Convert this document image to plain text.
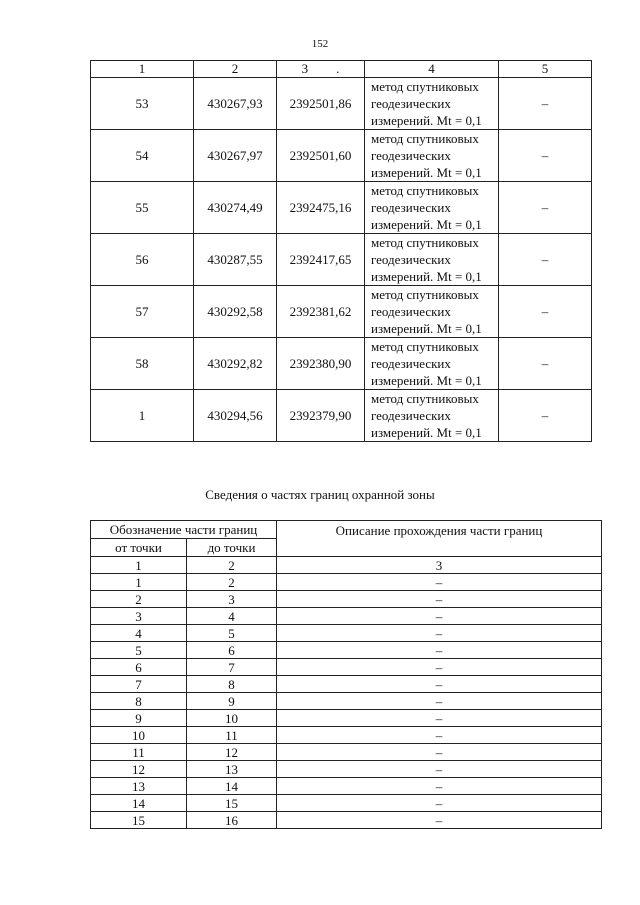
152
1	2	3 .	4	5
53	430267,93	2392501,86	метод спутниковых
геодезических
измерений. Mt = 0,1	–
54	430267,97	2392501,60	метод спутниковых
геодезических
измерений. Mt = 0,1	–
55	430274,49	2392475,16	метод спутниковых
геодезических
измерений. Mt = 0,1	–
56	430287,55	2392417,65	метод спутниковых
геодезических
измерений. Mt = 0,1	–
57	430292,58	2392381,62	метод спутниковых
геодезических
измерений. Mt = 0,1	–
58	430292,82	2392380,90	метод спутниковых
геодезических
измерений. Mt = 0,1	–
1	430294,56	2392379,90	метод спутниковых
геодезических
измерений. Mt = 0,1	–
Сведения о частях границ охранной зоны
Обозначение части границ		Описание прохождения части границ
от точки	до точки	
1	2	3
1	2	–
2	3	–
3	4	–
4	5	–
5	6	–
6	7	–
7	8	–
8	9	–
9	10	–
10	11	–
11	12	–
12	13	–
13	14	–
14	15	–
15	16	–
